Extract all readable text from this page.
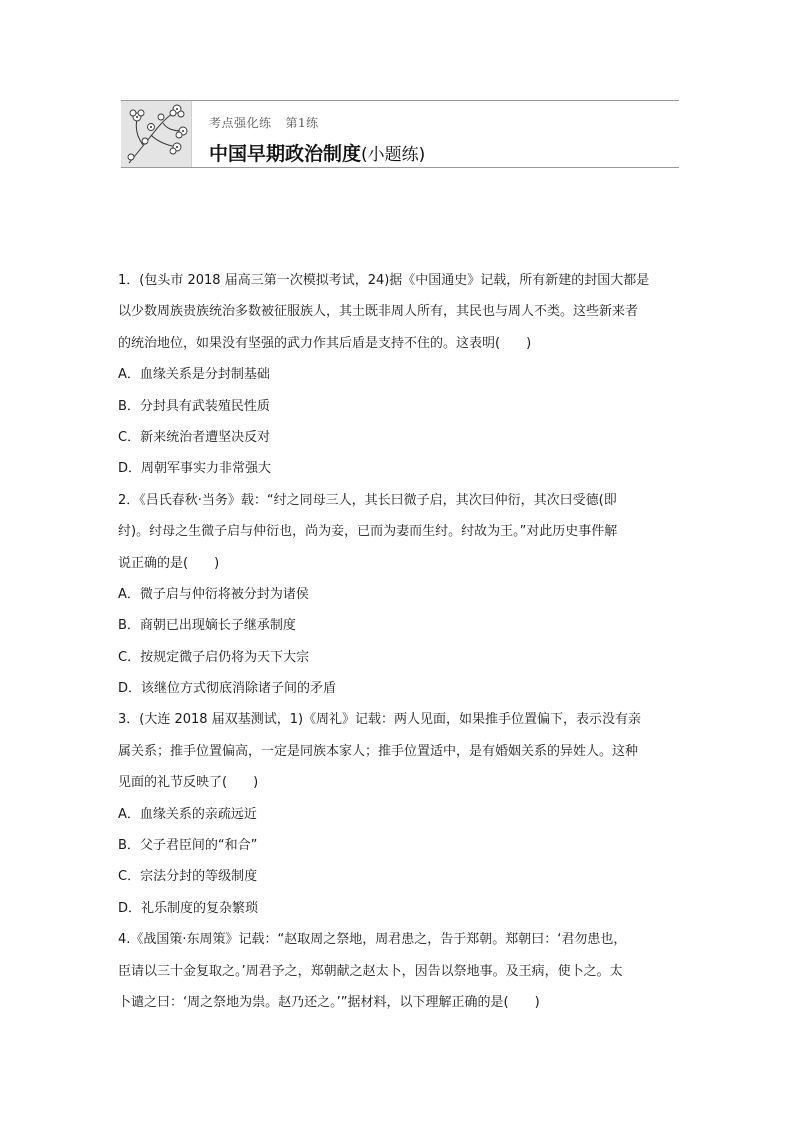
考点强化练 第1练
中国早期政治制度(小题练)
1．(包头市 2018 届高三第一次模拟考试，24)据《中国通史》记载，所有新建的封国大都是
以少数周族贵族统治多数被征服族人，其土既非周人所有，其民也与周人不类。这些新来者
的统治地位，如果没有坚强的武力作其后盾是支持不住的。这表明(　　)
A．血缘关系是分封制基础
B．分封具有武装殖民性质
C．新来统治者遭坚决反对
D．周朝军事实力非常强大
2．《吕氏春秋·当务》载：“纣之同母三人，其长曰微子启，其次曰仲衍，其次曰受德(即
纣)。纣母之生微子启与仲衍也，尚为妾，已而为妻而生纣。纣故为王。”对此历史事件解
说正确的是(　　)
A．微子启与仲衍将被分封为诸侯
B．商朝已出现嫡长子继承制度
C．按规定微子启仍将为天下大宗
D．该继位方式彻底消除诸子间的矛盾
3．(大连 2018 届双基测试，1)《周礼》记载：两人见面，如果推手位置偏下，表示没有亲
属关系；推手位置偏高，一定是同族本家人；推手位置适中，是有婚姻关系的异姓人。这种
见面的礼节反映了(　　)
A．血缘关系的亲疏远近
B．父子君臣间的“和合”
C．宗法分封的等级制度
D．礼乐制度的复杂繁琐
4.《战国策·东周策》记载：“赵取周之祭地，周君患之，告于郑朝。郑朝曰：‘君勿患也，
臣请以三十金复取之。’周君予之，郑朝献之赵太卜，因告以祭地事。及王病，使卜之。太
卜谴之曰：‘周之祭地为祟。赵乃还之。’”据材料，以下理解正确的是(　　)
